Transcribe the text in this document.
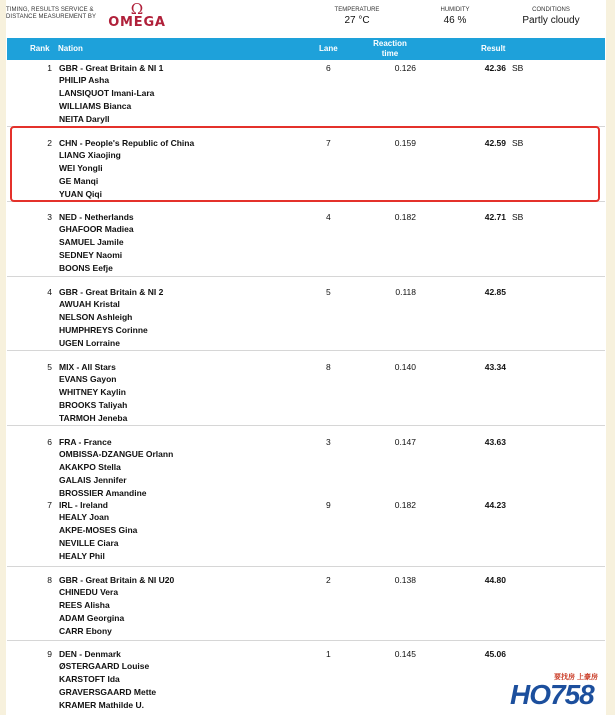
TIMING, RESULTS SERVICE &
DISTANCE MEASUREMENT BY	Ω
OMEGA
TEMPERATURE
27 °C
HUMIDITY
46 %
CONDITIONS
Partly cloudy
Rank Nation	Lane
Reaction
time
Result
1 GBR - Great Britain & NI 1	6	0.126	42.36 SB
PHILIP Asha
LANSIQUOT Imani-Lara
WILLIAMS Bianca
NEITA Daryll
2 CHN - People's Republic of China	7	0.159	42.59 SB
LIANG Xiaojing
WEI Yongli
GE Manqi
YUAN Qiqi
3 NED - Netherlands	4	0.182	42.71 SB
GHAFOOR Madiea
SAMUEL Jamile
SEDNEY Naomi
BOONS Eefje
4 GBR - Great Britain & NI 2	5	0.118	42.85
AWUAH Kristal
NELSON Ashleigh
HUMPHREYS Corinne
UGEN Lorraine
5 MIX - All Stars	8	0.140	43.34
EVANS Gayon
WHITNEY Kaylin
BROOKS Taliyah
TARMOH Jeneba
6 FRA - France	3	0.147	43.63
OMBISSA-DZANGUE Orlann
AKAKPO Stella
GALAIS Jennifer
BROSSIER Amandine
7 IRL - Ireland	9	0.182	44.23
HEALY Joan
AKPE-MOSES Gina
NEVILLE Ciara
HEALY Phil
8 GBR - Great Britain & NI U20	2	0.138	44.80
CHINEDU Vera
REES Alisha
ADAM Georgina
CARR Ebony
9 DEN - Denmark	1	0.145	45.06
ØSTERGAARD Louise
KARSTOFT Ida
GRAVERSGAARD Mette
KRAMER Mathilde U.
要找房 上豪房
HO758
